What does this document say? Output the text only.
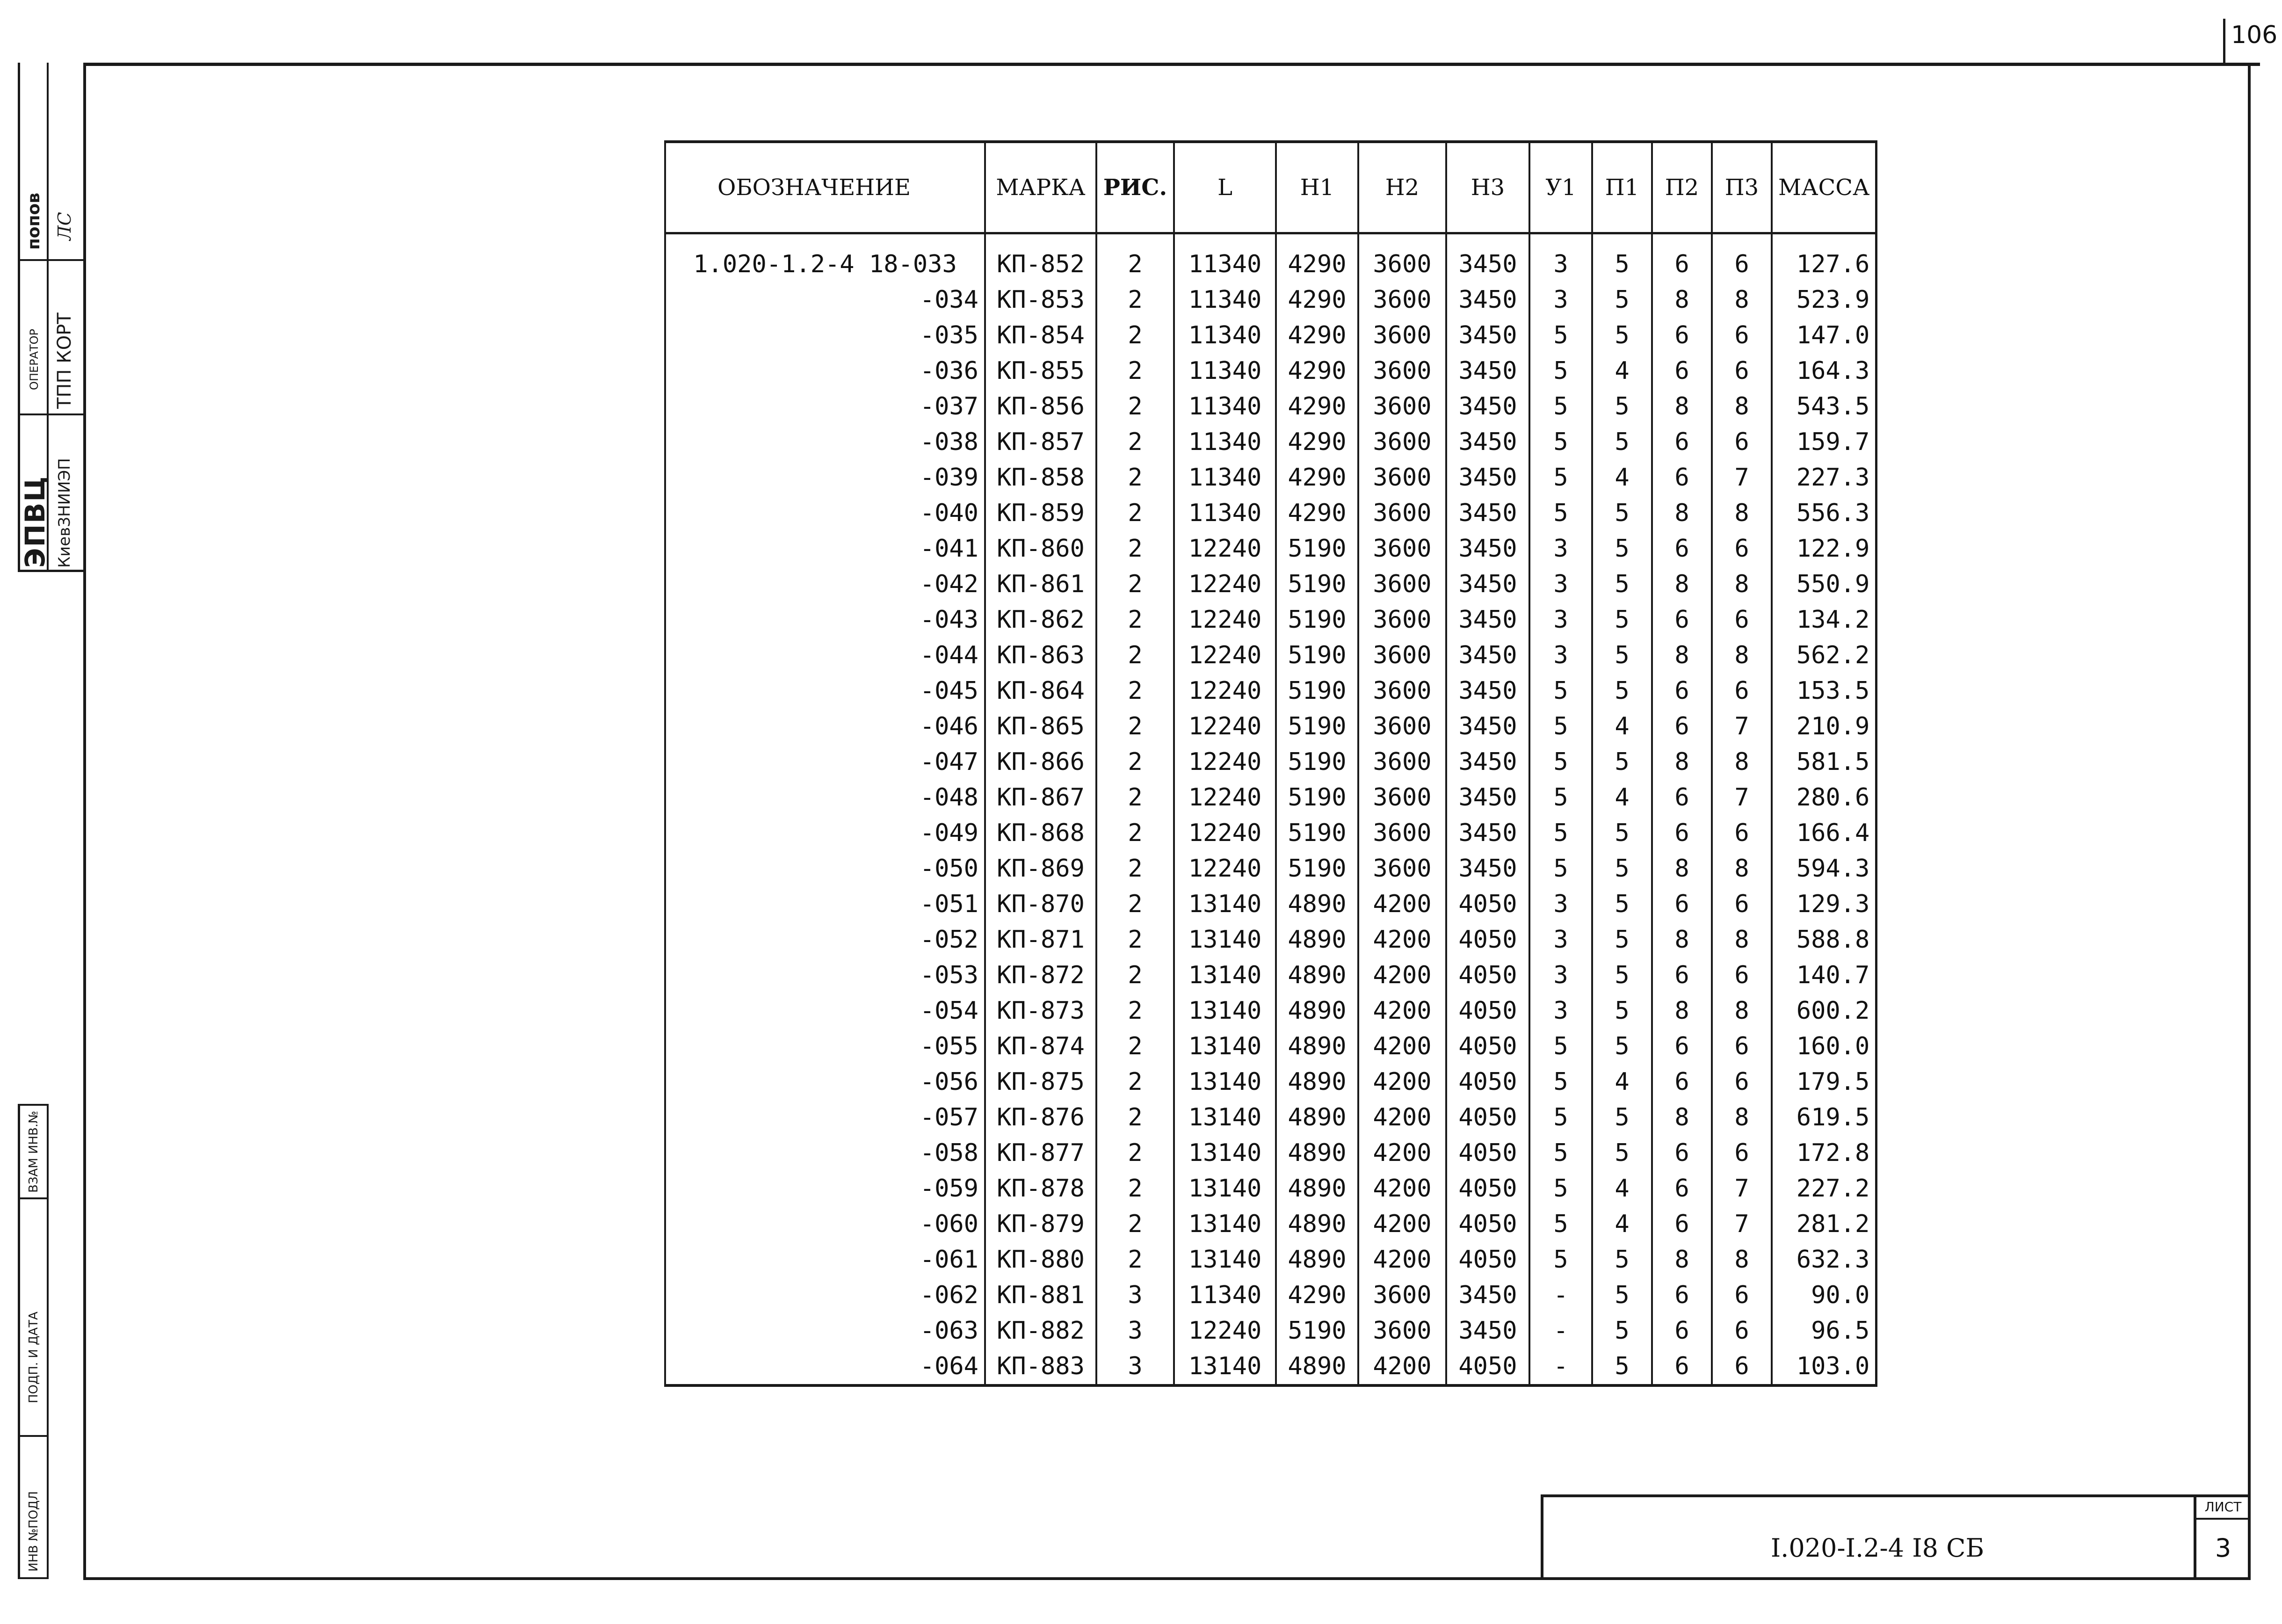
106
ЭПВЦ КиевЗНИИЭП
ОПЕРАТОР ТПП КОРТ
попов ЛС
ВЗАМ ИНВ.№
ПОДП. И ДАТА
ИНВ №ПОДЛ
ОБОЗНАЧЕНИЕ	МАРКА	РИС.	L	Н1	Н2	Н3	У1	П1	П2	П3	МАССА
1.020-1.2-4 18-033	КП-852	2	11340	4290	3600	3450	3	5	6	6	127.6
-034	КП-853	2	11340	4290	3600	3450	3	5	8	8	523.9
-035	КП-854	2	11340	4290	3600	3450	5	5	6	6	147.0
-036	КП-855	2	11340	4290	3600	3450	5	4	6	6	164.3
-037	КП-856	2	11340	4290	3600	3450	5	5	8	8	543.5
-038	КП-857	2	11340	4290	3600	3450	5	5	6	6	159.7
-039	КП-858	2	11340	4290	3600	3450	5	4	6	7	227.3
-040	КП-859	2	11340	4290	3600	3450	5	5	8	8	556.3
-041	КП-860	2	12240	5190	3600	3450	3	5	6	6	122.9
-042	КП-861	2	12240	5190	3600	3450	3	5	8	8	550.9
-043	КП-862	2	12240	5190	3600	3450	3	5	6	6	134.2
-044	КП-863	2	12240	5190	3600	3450	3	5	8	8	562.2
-045	КП-864	2	12240	5190	3600	3450	5	5	6	6	153.5
-046	КП-865	2	12240	5190	3600	3450	5	4	6	7	210.9
-047	КП-866	2	12240	5190	3600	3450	5	5	8	8	581.5
-048	КП-867	2	12240	5190	3600	3450	5	4	6	7	280.6
-049	КП-868	2	12240	5190	3600	3450	5	5	6	6	166.4
-050	КП-869	2	12240	5190	3600	3450	5	5	8	8	594.3
-051	КП-870	2	13140	4890	4200	4050	3	5	6	6	129.3
-052	КП-871	2	13140	4890	4200	4050	3	5	8	8	588.8
-053	КП-872	2	13140	4890	4200	4050	3	5	6	6	140.7
-054	КП-873	2	13140	4890	4200	4050	3	5	8	8	600.2
-055	КП-874	2	13140	4890	4200	4050	5	5	6	6	160.0
-056	КП-875	2	13140	4890	4200	4050	5	4	6	6	179.5
-057	КП-876	2	13140	4890	4200	4050	5	5	8	8	619.5
-058	КП-877	2	13140	4890	4200	4050	5	5	6	6	172.8
-059	КП-878	2	13140	4890	4200	4050	5	4	6	7	227.2
-060	КП-879	2	13140	4890	4200	4050	5	4	6	7	281.2
-061	КП-880	2	13140	4890	4200	4050	5	5	8	8	632.3
-062	КП-881	3	11340	4290	3600	3450	-	5	6	6	90.0
-063	КП-882	3	12240	5190	3600	3450	-	5	6	6	96.5
-064	КП-883	3	13140	4890	4200	4050	-	5	6	6	103.0
I.020-I.2-4 I8 СБ
ЛИСТ
3
